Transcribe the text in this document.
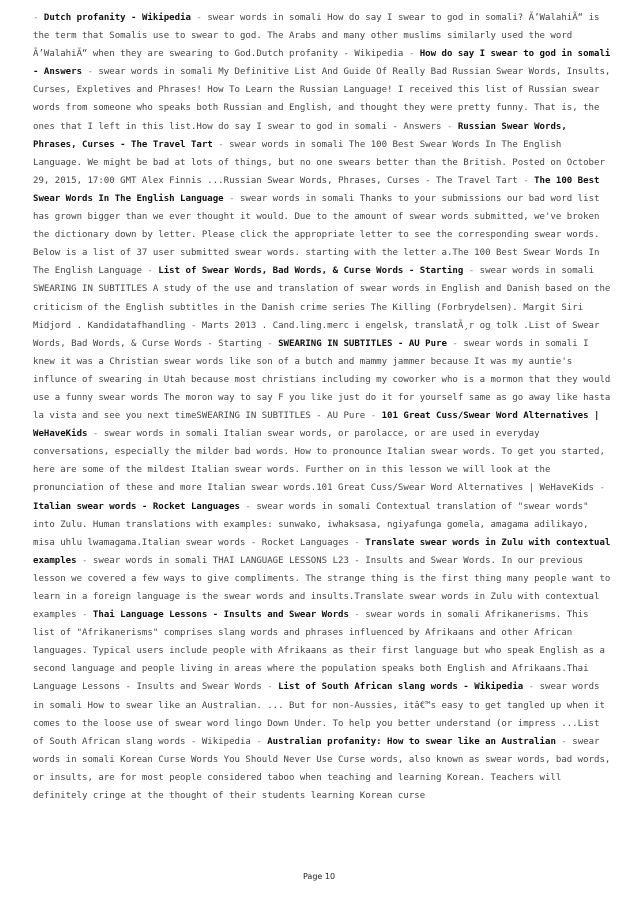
- Dutch profanity - Wikipedia - swear words in somali How do say I swear to god in somali? Ã’WalahiÃ“ is the term that Somalis use to swear to god. The Arabs and many other muslims similarly used the word Ã’WalahiÃ“ when they are swearing to God.Dutch profanity - Wikipedia - How do say I swear to god in somali - Answers - swear words in somali My Definitive List And Guide Of Really Bad Russian Swear Words, Insults, Curses, Expletives and Phrases! How To Learn the Russian Language! I received this list of Russian swear words from someone who speaks both Russian and English, and thought they were pretty funny. That is, the ones that I left in this list.How do say I swear to god in somali - Answers - Russian Swear Words, Phrases, Curses - The Travel Tart - swear words in somali The 100 Best Swear Words In The English Language. We might be bad at lots of things, but no one swears better than the British. Posted on October 29, 2015, 17:00 GMT Alex Finnis ...Russian Swear Words, Phrases, Curses - The Travel Tart - The 100 Best Swear Words In The English Language - swear words in somali Thanks to your submissions our bad word list has grown bigger than we ever thought it would. Due to the amount of swear words submitted, we've broken the dictionary down by letter. Please click the appropriate letter to see the corresponding swear words. Below is a list of 37 user submitted swear words. starting with the letter a.The 100 Best Swear Words In The English Language - List of Swear Words, Bad Words, & Curse Words - Starting - swear words in somali SWEARING IN SUBTITLES A study of the use and translation of swear words in English and Danish based on the criticism of the English subtitles in the Danish crime series The Killing (Forbrydelsen). Margit Siri Midjord . Kandidatafhandling - Marts 2013 . Cand.ling.merc i engelsk, translatÃ¸r og tolk .List of Swear Words, Bad Words, & Curse Words - Starting - SWEARING IN SUBTITLES - AU Pure - swear words in somali I knew it was a Christian swear words like son of a butch and mammy jammer because It was my auntie's influnce of swearing in Utah because most christians including my coworker who is a mormon that they would use a funny swear words The moron way to say F you like just do it for yourself same as go away like hasta la vista and see you next timeSWEARING IN SUBTITLES - AU Pure - 101 Great Cuss/Swear Word Alternatives | WeHaveKids - swear words in somali Italian swear words, or parolacce, or are used in everyday conversations, especially the milder bad words. How to pronounce Italian swear words. To get you started, here are some of the mildest Italian swear words. Further on in this lesson we will look at the pronunciation of these and more Italian swear words.101 Great Cuss/Swear Word Alternatives | WeHaveKids - Italian swear words - Rocket Languages - swear words in somali Contextual translation of "swear words" into Zulu. Human translations with examples: sunwako, iwhaksasa, ngiyafunga gomela, amagama adilikayo, misa uhlu lwamagama.Italian swear words - Rocket Languages - Translate swear words in Zulu with contextual examples - swear words in somali THAI LANGUAGE LESSONS L23 - Insults and Swear Words. In our previous lesson we covered a few ways to give compliments. The strange thing is the first thing many people want to learn in a foreign language is the swear words and insults.Translate swear words in Zulu with contextual examples - Thai Language Lessons - Insults and Swear Words - swear words in somali Afrikanerisms. This list of "Afrikanerisms" comprises slang words and phrases influenced by Afrikaans and other African languages. Typical users include people with Afrikaans as their first language but who speak English as a second language and people living in areas where the population speaks both English and Afrikaans.Thai Language Lessons - Insults and Swear Words - List of South African slang words - Wikipedia - swear words in somali How to swear like an Australian. ... But for non-Aussies, itâ€™s easy to get tangled up when it comes to the loose use of swear word lingo Down Under. To help you better understand (or impress ...List of South African slang words - Wikipedia - Australian profanity: How to swear like an Australian - swear words in somali Korean Curse Words You Should Never Use Curse words, also known as swear words, bad words, or insults, are for most people considered taboo when teaching and learning Korean. Teachers will definitely cringe at the thought of their students learning Korean curse
Page 10
